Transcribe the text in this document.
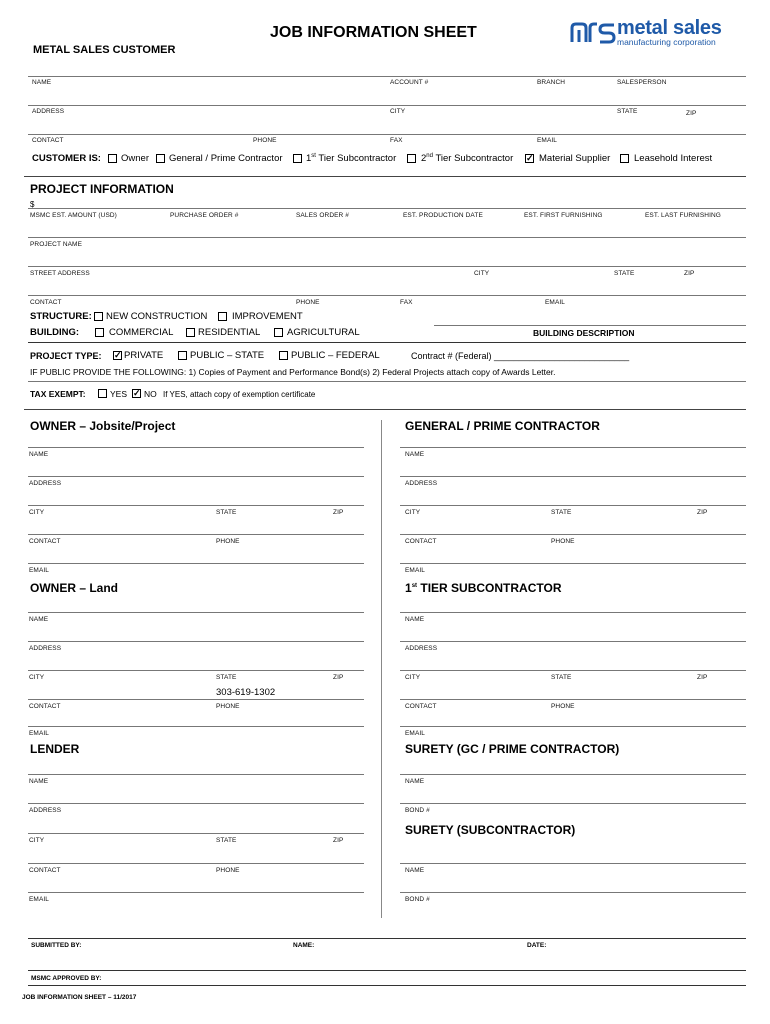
JOB INFORMATION SHEET
METAL SALES CUSTOMER
metal sales
manufacturing corporation
NAME	ACCOUNT #	BRANCH	SALESPERSON
ADDRESS	CITY	STATE	ZIP
CONTACT	PHONE	FAX	EMAIL
CUSTOMER IS: Owner General / Prime Contractor 1st Tier Subcontractor	2nd Tier Subcontractor ✓	Material Supplier Leasehold Interest
PROJECT INFORMATION
$
MSMC EST. AMOUNT (USD)	PURCHASE ORDER #	SALES ORDER #	EST. PRODUCTION DATE	EST. FIRST FURNISHING	EST. LAST FURNISHING
PROJECT NAME
STREET ADDRESS	CITY	STATE	ZIP
CONTACT	PHONE	FAX	EMAIL
STRUCTURE: NEW CONSTRUCTION	IMPROVEMENT
BUILDING:	COMMERCIAL	RESIDENTIAL	AGRICULTURAL	BUILDING DESCRIPTION
PROJECT TYPE: ✓ PRIVATE	PUBLIC – STATE	PUBLIC – FEDERAL	Contract # (Federal) ___________________________
IF PUBLIC PROVIDE THE FOLLOWING: 1) Copies of Payment and Performance Bond(s) 2) Federal Projects attach copy of Awards Letter.
TAX EXEMPT:	YES ✓ NO If YES, attach copy of exemption certificate
OWNER – Jobsite/Project
NAME
ADDRESS
CITY	STATE	ZIP
CONTACT	PHONE
EMAIL
GENERAL / PRIME CONTRACTOR
NAME
ADDRESS
CITY	STATE	ZIP
CONTACT	PHONE
EMAIL
OWNER – Land
NAME
ADDRESS
CITY	STATE	ZIP
303-619-1302
CONTACT	PHONE
EMAIL
1st TIER SUBCONTRACTOR
NAME
ADDRESS
CITY	STATE	ZIP
CONTACT	PHONE
EMAIL
LENDER
NAME
ADDRESS
CITY	STATE	ZIP
CONTACT	PHONE
EMAIL
SURETY (GC / PRIME CONTRACTOR)
NAME
BOND #
SURETY (SUBCONTRACTOR)
NAME
BOND #
SUBMITTED BY:	NAME:	DATE:
MSMC APPROVED BY:
JOB INFORMATION SHEET – 11/2017
